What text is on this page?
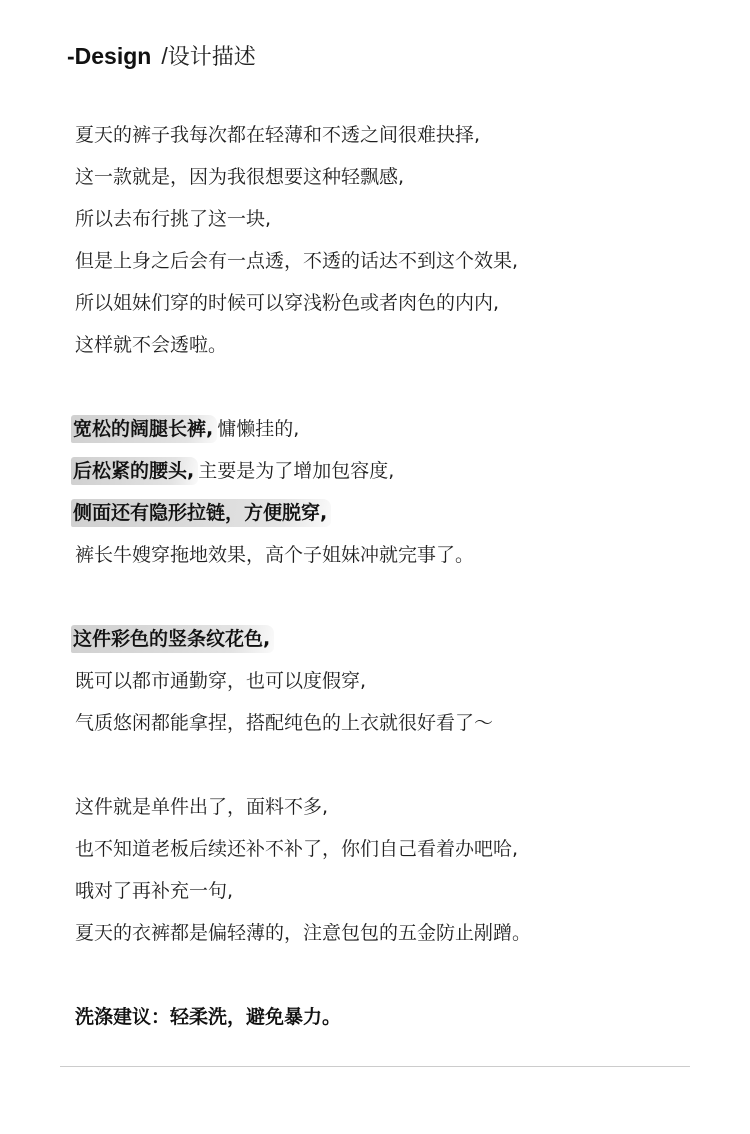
-Design / 设计描述
夏天的裤子我每次都在轻薄和不透之间很难抉择,
这一款就是，因为我很想要这种轻飘感,
所以去布行挑了这一块,
但是上身之后会有一点透，不透的话达不到这个效果,
所以姐妹们穿的时候可以穿浅粉色或者肉色的内内,
这样就不会透啦。
宽松的阔腿长裤, 慵懒挂的,
后松紧的腰头, 主要是为了增加包容度,
侧面还有隐形拉链，方便脱穿,
裤长牛嫂穿拖地效果，高个子姐妹冲就完事了。
这件彩色的竖条纹花色,
既可以都市通勤穿，也可以度假穿,
气质悠闲都能拿捏，搭配纯色的上衣就很好看了～
这件就是单件出了，面料不多,
也不知道老板后续还补不补了，你们自己看着办吧哈,
哦对了再补充一句,
夏天的衣裤都是偏轻薄的，注意包包的五金防止剐蹭。
洗涤建议：轻柔洗，避免暴力。
